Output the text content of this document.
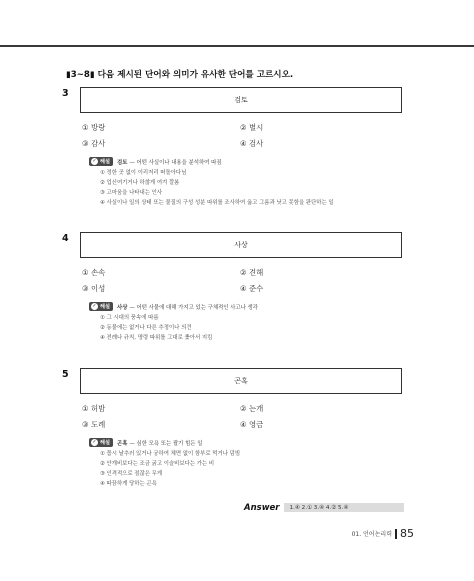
▮3~8▮ 다음 제시된 단어와 의미가 유사한 단어를 고르시오.
3
검토
① 방랑	② 별시
③ 감사	④ 검사
✓ 해설 검토 — 어떤 사실이나 내용을 분석하여 따짐
① 정한 곳 없이 이리저리 떠돌아다님
② 업신여기거나 하찮게 여겨 깔봄
③ 고마움을 나타내는 인사
④ 사실이나 일의 상태 또는 물질의 구성 성분 따위를 조사하여 옳고 그름과 낫고 못함을 판단하는 일
4
사상
① 손속	② 견해
③ 이성	④ 준수
✓ 해설 사상 — 어떤 사물에 대해 가지고 있는 구체적인 사고나 생각
① 그 시대의 풍속에 따름
② 동물에는 없거나 다른 추정이나 의견
④ 전례나 규칙, 명령 따위를 그대로 좇아서 지킴
5
곤혹
① 허밤	② 는개
③ 도례	④ 영금
✓ 해설 곤혹 — 심한 모욕 또는 괄기 힘든 일
① 몹시 날추러 있거나 궁하여 체면 없이 함부로 먹거나 덤빔
② 안개비보다는 조금 굵고 이슬비보다는 가는 비
③ 인격적으로 점잖은 무게
④ 따끔하게 당하는 곤욕
Answer	1.④ 2.① 3.④ 4.② 5.④
01. 언어논리력 85
